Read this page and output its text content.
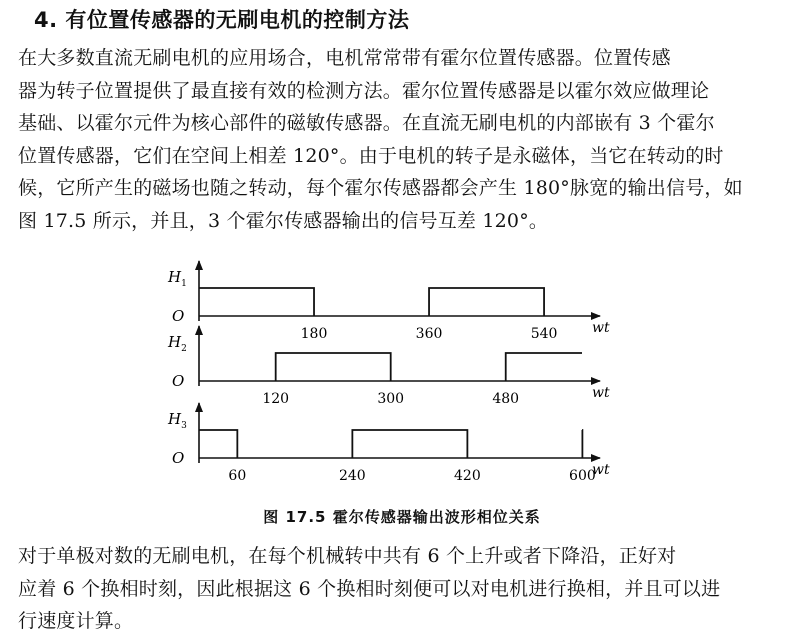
4. 有位置传感器的无刷电机的控制方法
在大多数直流无刷电机的应用场合，电机常常带有霍尔位置传感器。位置传感
器为转子位置提供了最直接有效的检测方法。霍尔位置传感器是以霍尔效应做理论
基础、以霍尔元件为核心部件的磁敏传感器。在直流无刷电机的内部嵌有 3 个霍尔
位置传感器，它们在空间上相差 120°。由于电机的转子是永磁体，当它在转动的时
候，它所产生的磁场也随之转动，每个霍尔传感器都会产生 180°脉宽的输出信号，如
图 17.5 所示，并且，3 个霍尔传感器输出的信号互差 120°。
O
$H_1$
180	360	540 wt
O
$H_2$
120	300	480	wt
O
$H_3$
60	240	420	600
wt
图 17.5 霍尔传感器输出波形相位关系
对于单极对数的无刷电机，在每个机械转中共有 6 个上升或者下降沿，正好对
应着 6 个换相时刻，因此根据这 6 个换相时刻便可以对电机进行换相，并且可以进
行速度计算。
